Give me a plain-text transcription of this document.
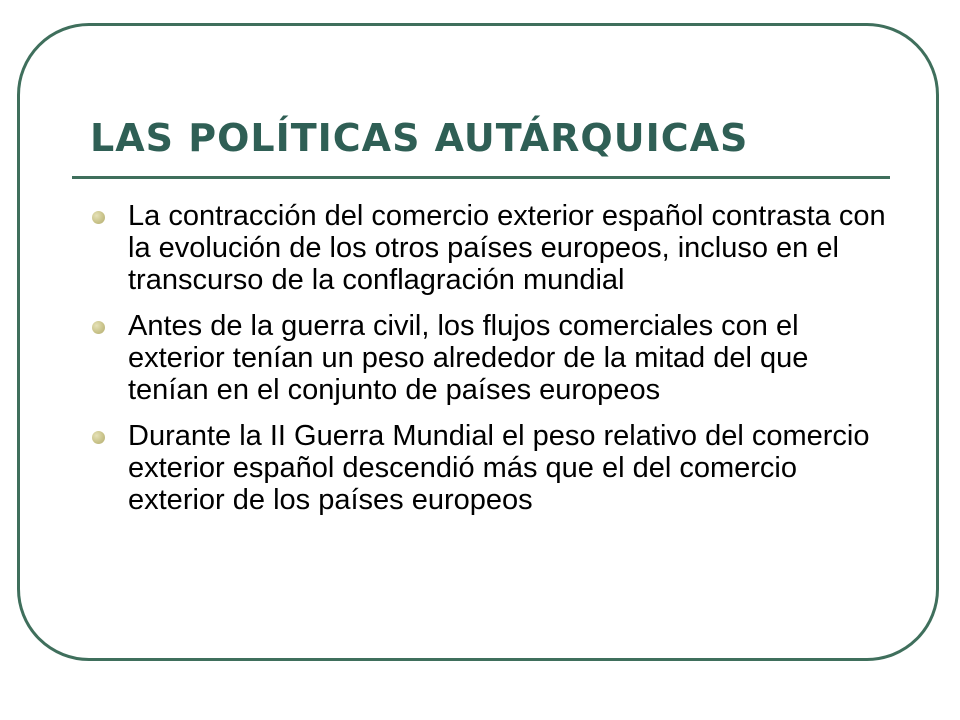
LAS POLÍTICAS AUTÁRQUICAS
La contracción del comercio exterior español contrasta con la evolución de los otros países europeos, incluso en el transcurso de la conflagración mundial
Antes de la guerra civil, los flujos comerciales con el exterior tenían un peso alrededor de la mitad del que tenían en el conjunto de países europeos
Durante la II Guerra Mundial el peso relativo del comercio exterior español descendió más que el del comercio exterior de los países europeos
